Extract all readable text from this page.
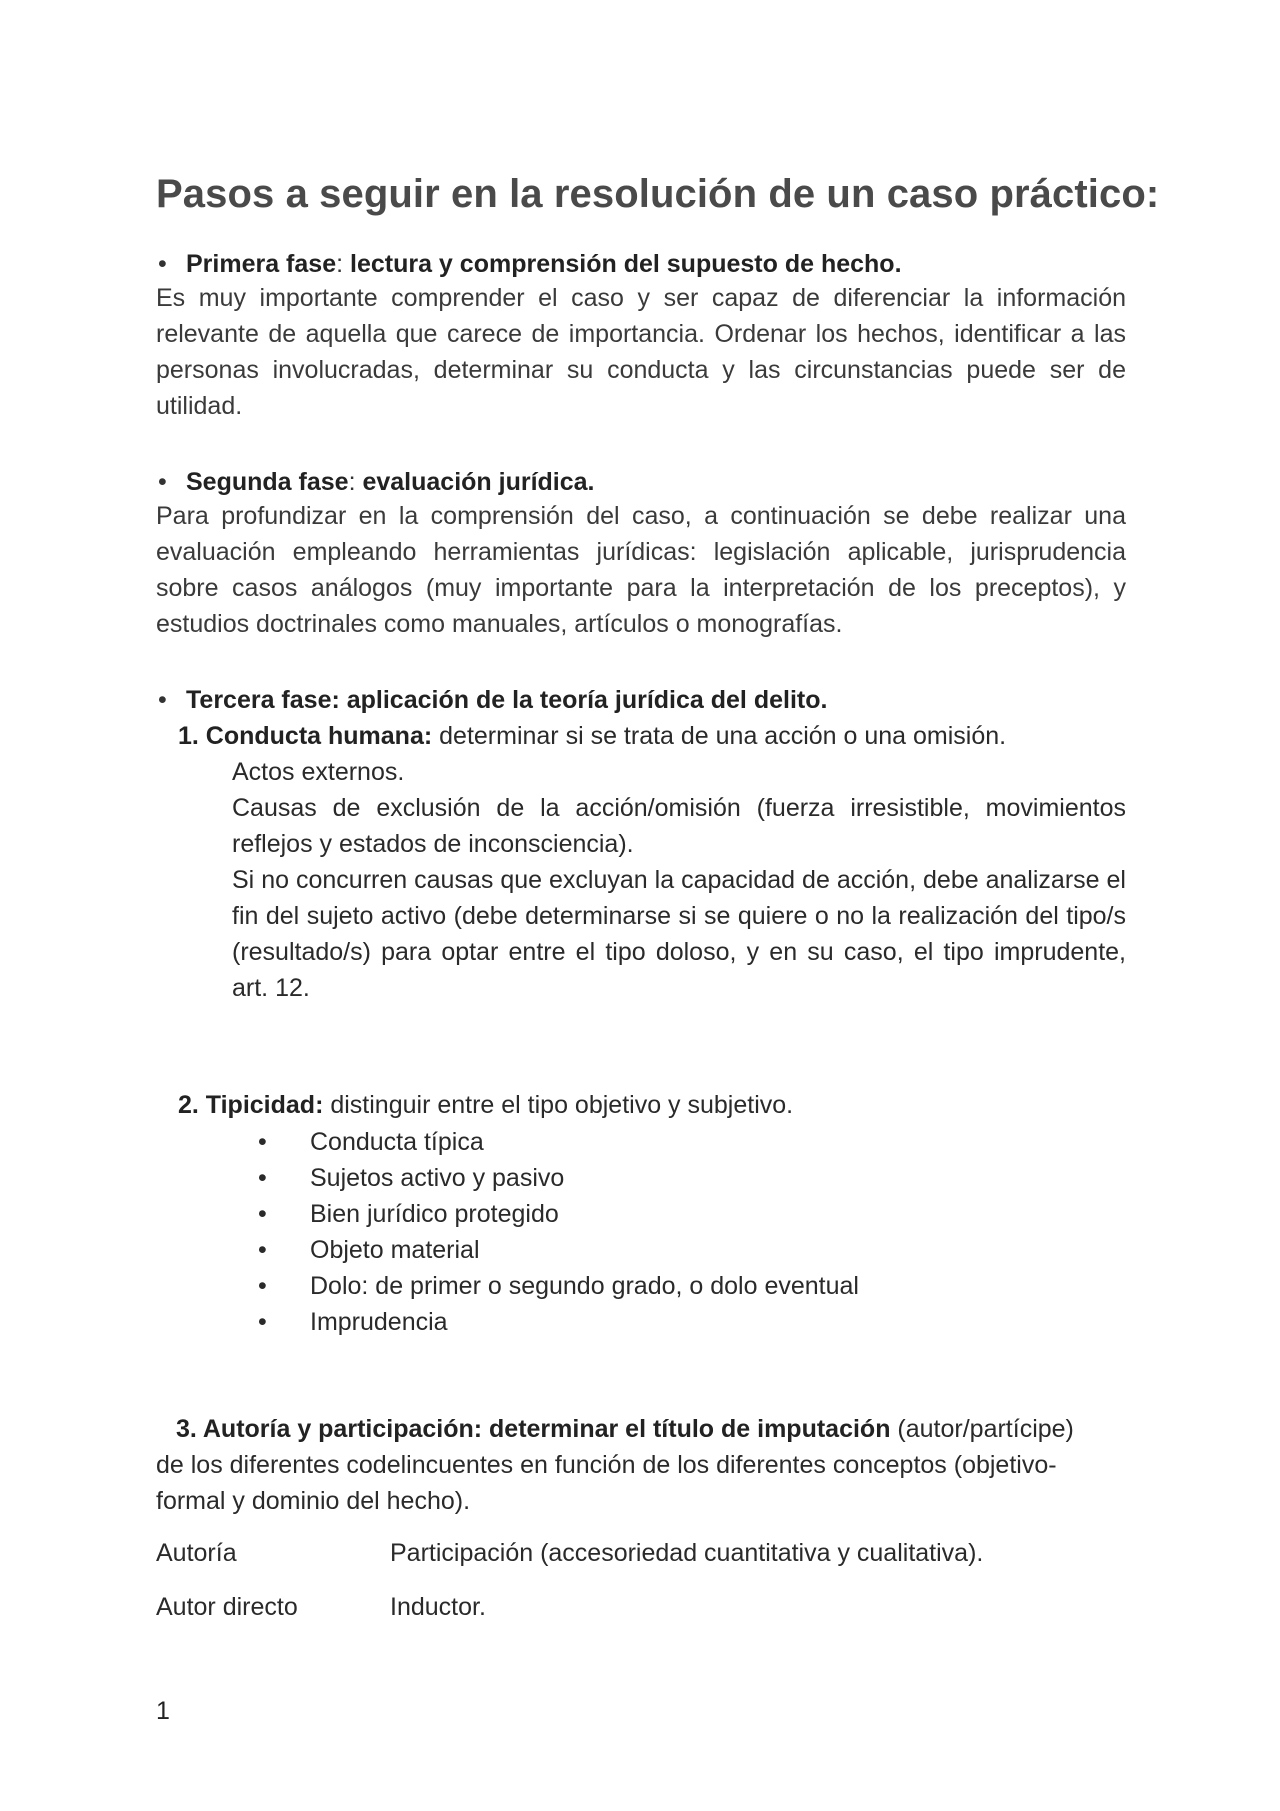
Pasos a seguir en la resolución de un caso práctico:
• Primera fase: lectura y comprensión del supuesto de hecho.
Es muy importante comprender el caso y ser capaz de diferenciar la información relevante de aquella que carece de importancia. Ordenar los hechos, identificar a las personas involucradas, determinar su conducta y las circunstancias puede ser de utilidad.
• Segunda fase: evaluación jurídica.
Para profundizar en la comprensión del caso, a continuación se debe realizar una evaluación empleando herramientas jurídicas: legislación aplicable, jurisprudencia sobre casos análogos (muy importante para la interpretación de los preceptos), y estudios doctrinales como manuales, artículos o monografías.
• Tercera fase: aplicación de la teoría jurídica del delito.
1. Conducta humana: determinar si se trata de una acción o una omisión.
Actos externos.
Causas de exclusión de la acción/omisión (fuerza irresistible, movimientos reflejos y estados de inconsciencia).
Si no concurren causas que excluyan la capacidad de acción, debe analizarse el fin del sujeto activo (debe determinarse si se quiere o no la realización del tipo/s (resultado/s) para optar entre el tipo doloso, y en su caso, el tipo imprudente, art. 12.
2. Tipicidad: distinguir entre el tipo objetivo y subjetivo.
• Conducta típica
• Sujetos activo y pasivo
• Bien jurídico protegido
• Objeto material
• Dolo: de primer o segundo grado, o dolo eventual
• Imprudencia
3. Autoría y participación: determinar el título de imputación (autor/partícipe)
de los diferentes codelincuentes en función de los diferentes conceptos (objetivo-
formal y dominio del hecho).
Autoría	Participación (accesoriedad cuantitativa y cualitativa).
Autor directo	Inductor.
1
